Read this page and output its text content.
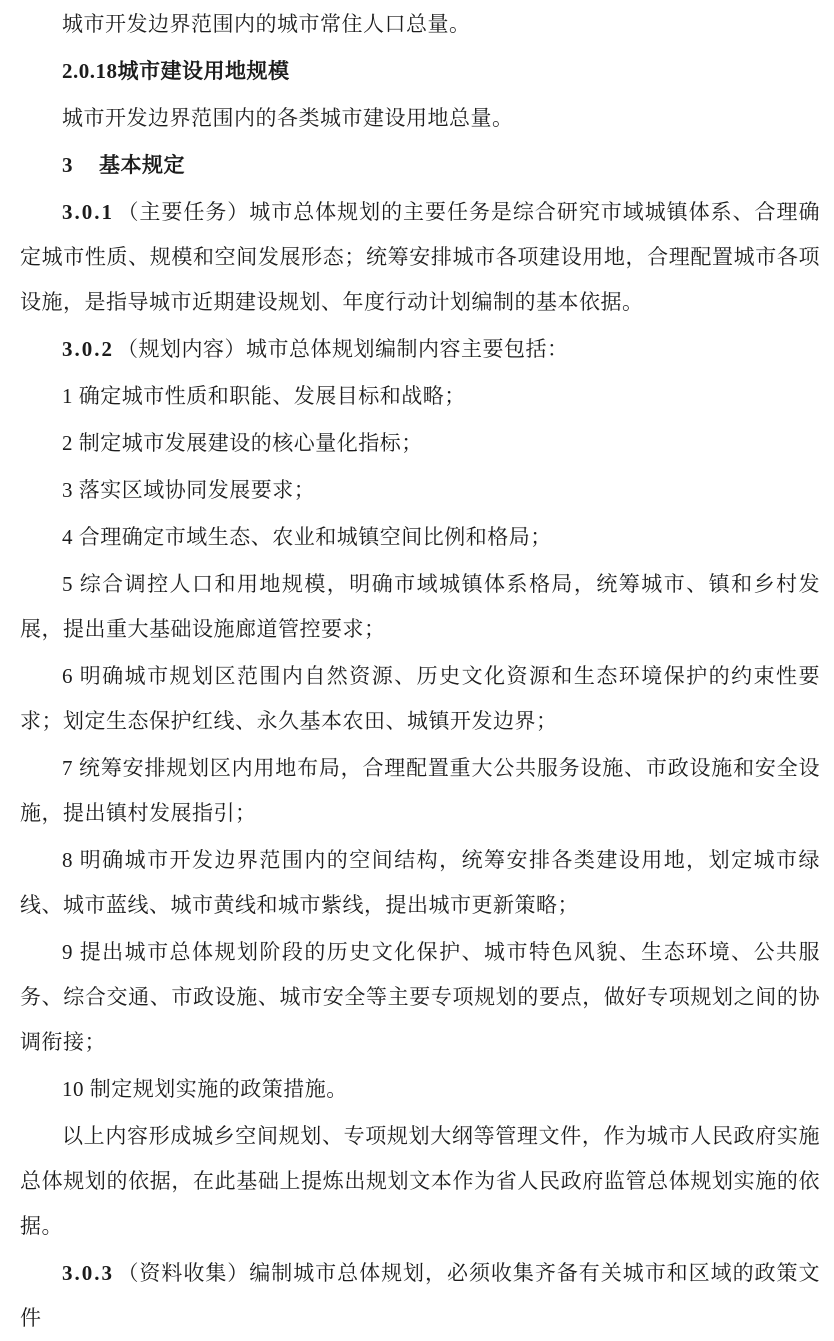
城市开发边界范围内的城市常住人口总量。

2.0.18城市建设用地规模

城市开发边界范围内的各类城市建设用地总量。

3 基本规定

3.0.1 （主要任务）城市总体规划的主要任务是综合研究市域城镇体系、合理确定城市性质、规模和空间发展形态；统筹安排城市各项建设用地，合理配置城市各项设施，是指导城市近期建设规划、年度行动计划编制的基本依据。

3.0.2 （规划内容）城市总体规划编制内容主要包括：

1 确定城市性质和职能、发展目标和战略；

2 制定城市发展建设的核心量化指标；

3 落实区域协同发展要求；

4 合理确定市域生态、农业和城镇空间比例和格局；

5 综合调控人口和用地规模，明确市域城镇体系格局，统筹城市、镇和乡村发展，提出重大基础设施廊道管控要求；

6 明确城市规划区范围内自然资源、历史文化资源和生态环境保护的约束性要求；划定生态保护红线、永久基本农田、城镇开发边界；

7 统筹安排规划区内用地布局，合理配置重大公共服务设施、市政设施和安全设施，提出镇村发展指引；

8 明确城市开发边界范围内的空间结构，统筹安排各类建设用地，划定城市绿线、城市蓝线、城市黄线和城市紫线，提出城市更新策略；

9 提出城市总体规划阶段的历史文化保护、城市特色风貌、生态环境、公共服务、综合交通、市政设施、城市安全等主要专项规划的要点，做好专项规划之间的协调衔接；

10 制定规划实施的政策措施。

以上内容形成城乡空间规划、专项规划大纲等管理文件，作为城市人民政府实施总体规划的依据，在此基础上提炼出规划文本作为省人民政府监管总体规划实施的依据。

3.0.3 （资料收集）编制城市总体规划，必须收集齐备有关城市和区域的政策文件
